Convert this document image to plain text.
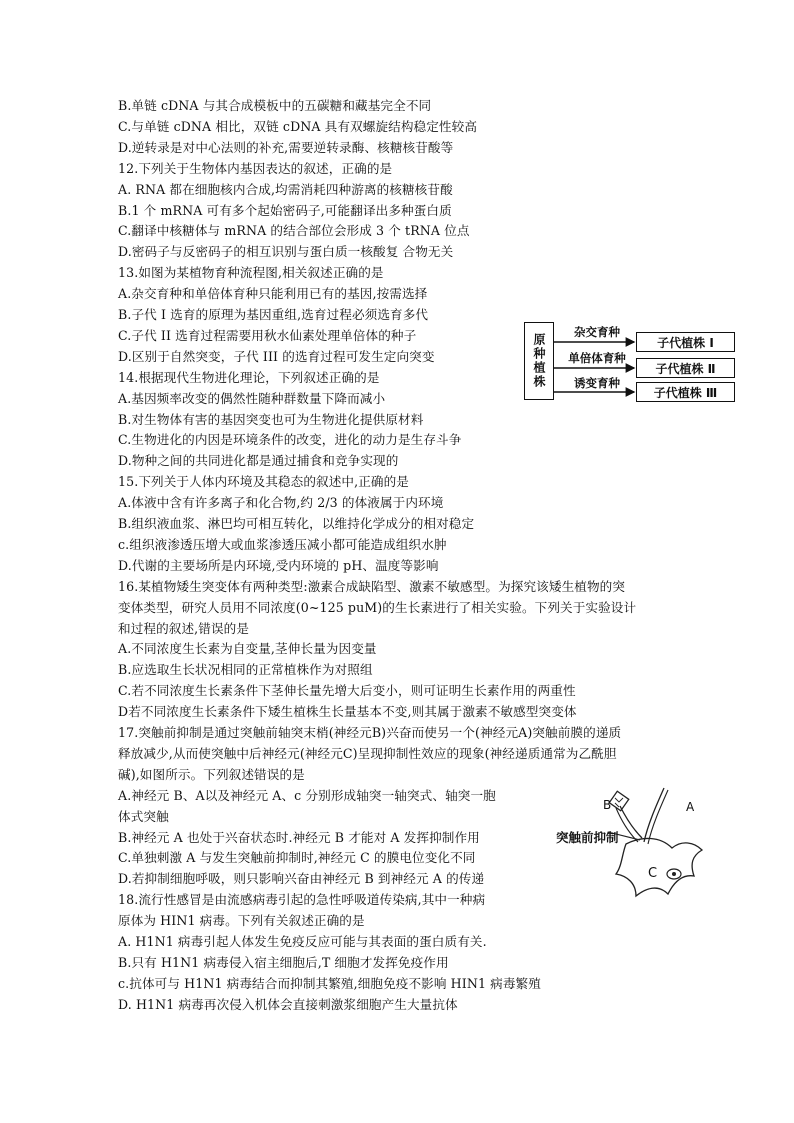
B.单链 cDNA 与其合成模板中的五碳糖和藏基完全不同
C.与单链 cDNA 相比，双链 cDNA 具有双螺旋结构稳定性较高
D.逆转录是对中心法则的补充,需要逆转录酶、核糖核苷酸等
12.下列关于生物体内基因表达的叙述，正确的是
A. RNA 都在细胞核内合成,均需消耗四种游离的核糖核苷酸
B.1 个 mRNA 可有多个起始密码子,可能翻译出多种蛋白质
C.翻译中核糖体与 mRNA 的结合部位会形成 3 个 tRNA 位点
D.密码子与反密码子的相互识别与蛋白质一核酸复 合物无关
13.如图为某植物育种流程图,相关叙述正确的是
A.杂交育种和单倍体育种只能利用已有的基因,按需选择
B.子代 I 选育的原理为基因重组,选育过程必须选育多代
C.子代 II 选育过程需要用秋水仙素处理单倍体的种子
D.区别于自然突变，子代 III 的选育过程可发生定向突变
14.根据现代生物进化理论，下列叙述正确的是
A.基因频率改变的偶然性随种群数量下降而减小
B.对生物体有害的基因突变也可为生物进化提供原材料
C.生物进化的内因是环境条件的改变，进化的动力是生存斗争
D.物种之间的共同进化都是通过捕食和竞争实现的
15.下列关于人体内环境及其稳态的叙述中,正确的是
A.体液中含有许多离子和化合物,约 2/3 的体液属于内环境
B.组织液血浆、淋巴均可相互转化，以维持化学成分的相对稳定
c.组织液渗透压增大或血浆渗透压减小都可能造成组织水肿
D.代谢的主要场所是内环境,受内环境的 pH、温度等影响
16.某植物矮生突变体有两种类型:激素合成缺陷型、激素不敏感型。为探究该矮生植物的突
变体类型，研究人员用不同浓度(0~125 puM)的生长素进行了相关实验。下列关于实验设计
和过程的叙述,错误的是
A.不同浓度生长素为自变量,茎伸长量为因变量
B.应选取生长状况相同的正常植株作为对照组
C.若不同浓度生长素条件下茎伸长量先增大后变小，则可证明生长素作用的两重性
D若不同浓度生长素条件下矮生植株生长量基本不变,则其属于激素不敏感型突变体
17.突触前抑制是通过突触前轴突末梢(神经元B)兴奋而使另一个(神经元A)突触前膜的递质
释放减少,从而使突触中后神经元(神经元C)呈现抑制性效应的现象(神经递质通常为乙酰胆
碱),如图所示。下列叙述错误的是
A.神经元 B、A以及神经元 A、c 分别形成轴突一轴突式、轴突一胞
体式突触
B.神经元 A 也处于兴奋状态时.神经元 B 才能对 A 发挥抑制作用
C.单独刺激 A 与发生突触前抑制时,神经元 C 的膜电位变化不同
D.若抑制细胞呼吸，则只影响兴奋由神经元 B 到神经元 A 的传递
18.流行性感冒是由流感病毒引起的急性呼吸道传染病,其中一种病
原体为 HIN1 病毒。下列有关叙述正确的是
A. H1N1 病毒引起人体发生免疫反应可能与其表面的蛋白质有关.
B.只有 H1N1 病毒侵入宿主细胞后,T 细胞才发挥免疫作用
c.抗体可与 H1N1 病毒结合而抑制其繁殖,细胞免疫不影响 HIN1 病毒繁殖
D. H1N1 病毒再次侵入机体会直接刺激浆细胞产生大量抗体
原种植株
杂交育种
单倍体育种
诱变育种
子代植株 Ⅰ
子代植株 Ⅱ
子代植株 Ⅲ
B	A
C
突触前抑制
